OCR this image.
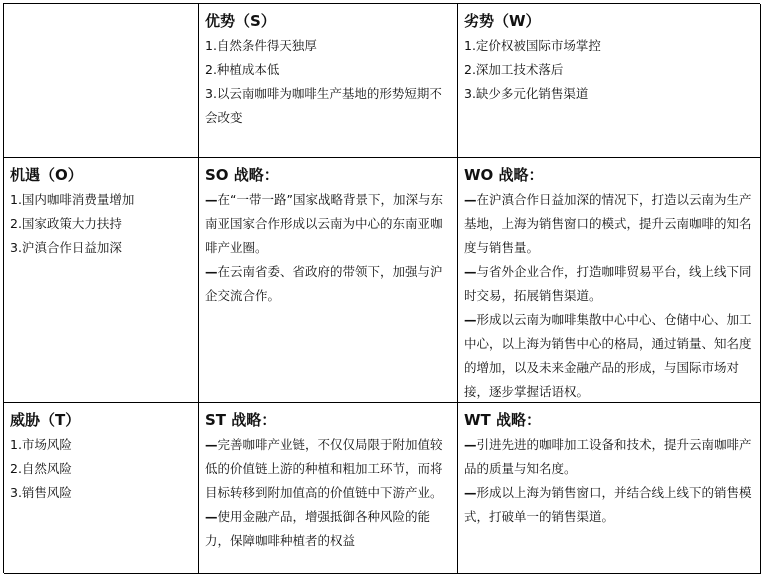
优势（S）
1.自然条件得天独厚
2.种植成本低
3.以云南咖啡为咖啡生产基地的形势短期不会改变
劣势（W）
1.定价权被国际市场掌控
2.深加工技术落后
3.缺少多元化销售渠道
机遇（O）
1.国内咖啡消费量增加
2.国家政策大力扶持
3.沪滇合作日益加深
SO 战略：

—在“一带一路”国家战略背景下，加深与东南亚国家合作形成以云南为中心的东南亚咖啡产业圈。

—在云南省委、省政府的带领下，加强与沪企交流合作。

WO 战略：

—在沪滇合作日益加深的情况下，打造以云南为生产基地，上海为销售窗口的模式，提升云南咖啡的知名度与销售量。

—与省外企业合作，打造咖啡贸易平台，线上线下同时交易，拓展销售渠道。

—形成以云南为咖啡集散中心中心、仓储中心、加工中心，以上海为销售中心的格局，通过销量、知名度的增加，以及未来金融产品的形成，与国际市场对接，逐步掌握话语权。

威胁（T）
1.市场风险
2.自然风险
3.销售风险
ST 战略：

—完善咖啡产业链，不仅仅局限于附加值较低的价值链上游的种植和粗加工环节，而将目标转移到附加值高的价值链中下游产业。

—使用金融产品，增强抵御各种风险的能力，保障咖啡种植者的权益

WT 战略：

—引进先进的咖啡加工设备和技术，提升云南咖啡产品的质量与知名度。

—形成以上海为销售窗口，并结合线上线下的销售模式，打破单一的销售渠道。
